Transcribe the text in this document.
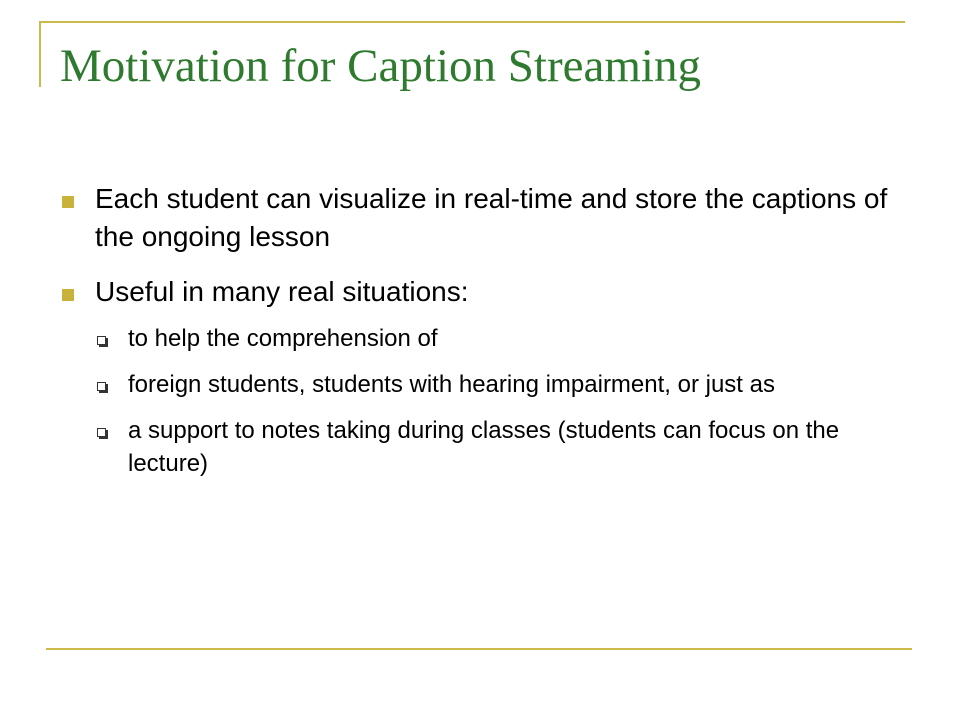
Motivation for Caption Streaming
Each student can visualize in real-time and store the captions of the ongoing lesson
Useful in many real situations:
to help the comprehension of
foreign students, students with hearing impairment, or just as
a support to notes taking during classes (students can focus on the lecture)
